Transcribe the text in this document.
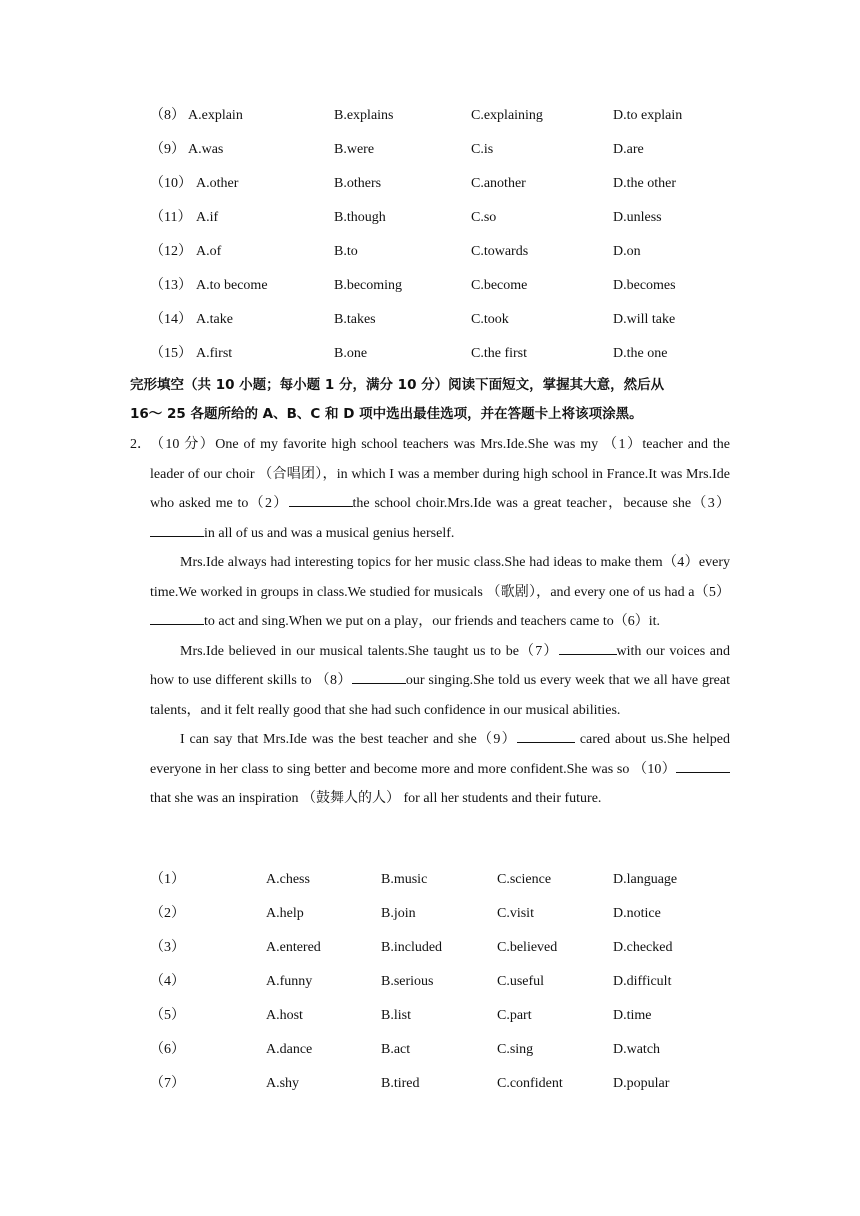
（8） A.explain	B.explains	C.explaining	D.to explain
（9） A.was	B.were	C.is	D.are
（10） A.other	B.others	C.another	D.the other
（11） A.if	B.though	C.so	D.unless
（12） A.of	B.to	C.towards	D.on
（13） A.to become	B.becoming	C.become	D.becomes
（14） A.take	B.takes	C.took	D.will take
（15） A.first	B.one	C.the first	D.the one
完形填空（共 10 小题；每小题 1 分，满分 10 分）阅读下面短文，掌握其大意，然后从
16～ 25 各题所给的 A、B、C 和 D 项中选出最佳选项，并在答题卡上将该项涂黑。
2． （10 分）One of my favorite high school teachers was Mrs.Ide.She was my （1）teacher and the leader of our choir （合唱团），in which I was a member during high school in France.It was Mrs.Ide who asked me to（2）	the school choir.Mrs.Ide was a great teacher，because she（3）in all of us and was a musical genius herself.

Mrs.Ide always had interesting topics for her music class.She had ideas to make them（4）every time.We worked in groups in class.We studied for musicals （歌剧），and every one of us had a（5）to act and sing.When we put on a play，our friends and teachers came to（6）it.

Mrs.Ide believed in our musical talents.She taught us to be（7）	with our voices and how to use different skills to （8）	our singing.She told us every week that we all have great talents，and it felt really good that she had such confidence in our musical abilities.

I can say that Mrs.Ide was the best teacher and she（9）	cared about us.She helped everyone in her class to sing better and become more and more confident.She was so （10）that she was an inspiration （鼓舞人的人） for all her students and their future.

（1）	A.chess	B.music	C.science	D.language
（2）	A.help	B.join	C.visit	D.notice
（3）	A.entered	B.included	C.believed	D.checked
（4）	A.funny	B.serious	C.useful	D.difficult
（5）	A.host	B.list	C.part	D.time
（6）	A.dance	B.act	C.sing	D.watch
（7）	A.shy	B.tired	C.confident	D.popular
